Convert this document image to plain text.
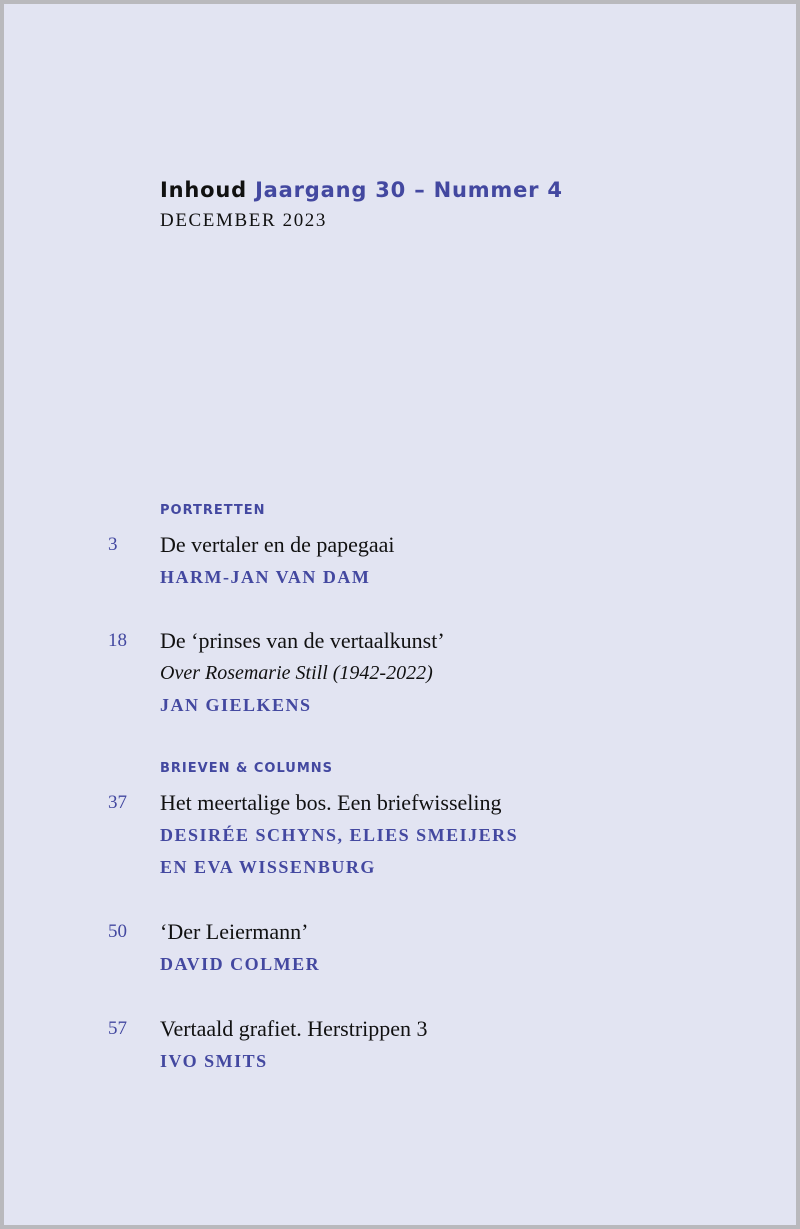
Inhoud Jaargang 30 – Nummer 4
DECEMBER 2023
PORTRETTEN
3 De vertaler en de papegaai
HARM-JAN VAN DAM
18 De ‘prinses van de vertaalkunst’
Over Rosemarie Still (1942-2022)
JAN GIELKENS
BRIEVEN & COLUMNS
37 Het meertalige bos. Een briefwisseling
DESIRÉE SCHYNS, ELIES SMEIJERS
EN EVA WISSENBURG
50 ‘Der Leiermann’
DAVID COLMER
57 Vertaald grafiet. Herstrippen 3
IVO SMITS
